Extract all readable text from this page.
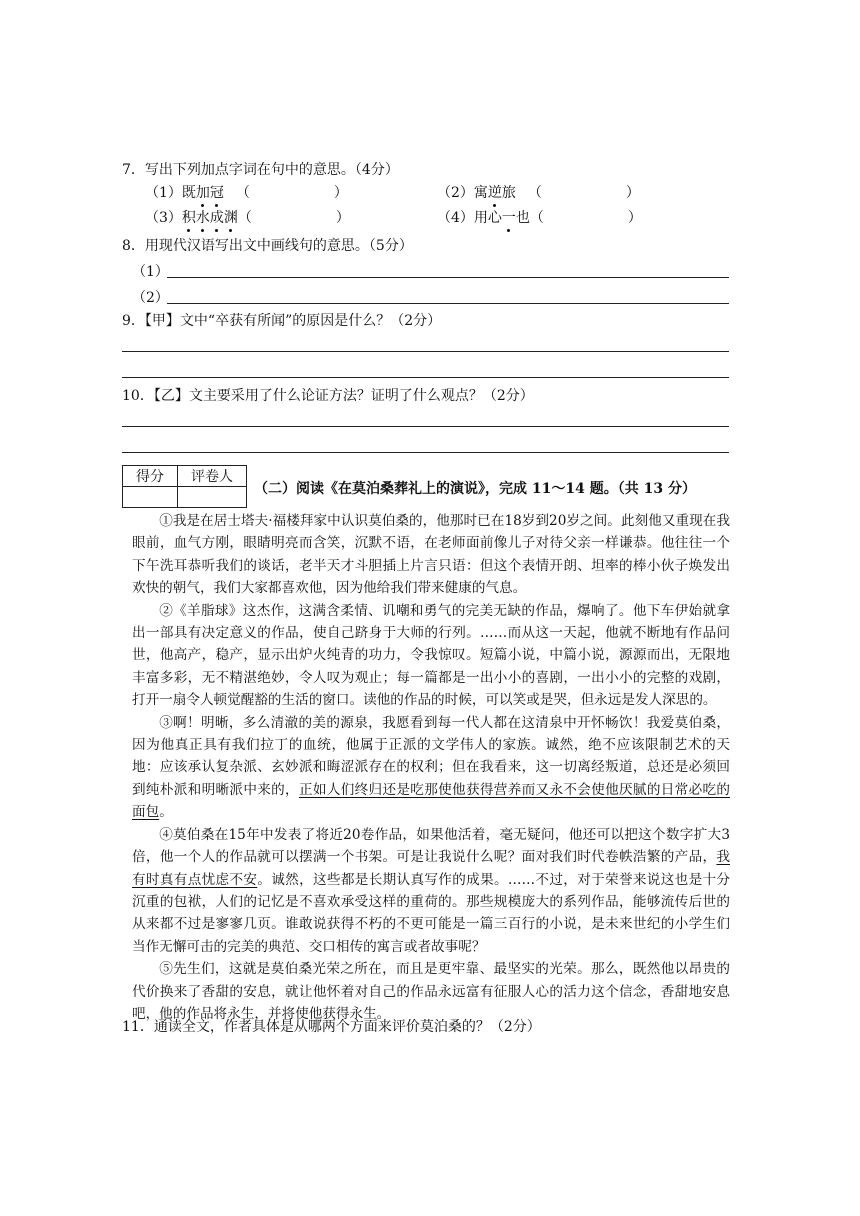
7．写出下列加点字词在句中的意思。（4分）
（1）既加冠 （　　　　　　）	（2）寓逆旅 （　　　　　　）
（3）积水成渊（　　　　　　）	（4）用心一也（　　　　　　）
8．用现代汉语写出文中画线句的意思。（5分）
（1）
（2）
9．【甲】文中“卒获有所闻”的原因是什么？（2分）
10．【乙】文主要采用了什么论证方法？证明了什么观点？（2分）
得分	评卷人

（二）阅读《在莫泊桑葬礼上的演说》，完成 11～14 题。（共 13 分）

①我是在居士塔夫·福楼拜家中认识莫伯桑的，他那时已在18岁到20岁之间。此刻他又重现在我眼前，血气方刚，眼睛明亮而含笑，沉默不语，在老师面前像儿子对待父亲一样谦恭。他往往一个下午洗耳恭听我们的谈话，老半天才斗胆插上片言只语：但这个表情开朗、坦率的棒小伙子焕发出欢快的朝气，我们大家都喜欢他，因为他给我们带来健康的气息。

②《羊脂球》这杰作，这满含柔情、讥嘲和勇气的完美无缺的作品，爆响了。他下车伊始就拿出一部具有决定意义的作品，使自己跻身于大师的行列。……而从这一天起，他就不断地有作品问世，他高产，稳产，显示出炉火纯青的功力，令我惊叹。短篇小说，中篇小说，源源而出，无限地丰富多彩，无不精湛绝妙，令人叹为观止；每一篇都是一出小小的喜剧，一出小小的完整的戏剧，打开一扇令人顿觉醒豁的生活的窗口。读他的作品的时候，可以笑或是哭，但永远是发人深思的。

③啊！明晰，多么清澈的美的源泉，我愿看到每一代人都在这清泉中开怀畅饮！我爱莫伯桑，因为他真正具有我们拉丁的血统，他属于正派的文学伟人的家族。诚然，绝不应该限制艺术的天地：应该承认复杂派、玄妙派和晦涩派存在的权利；但在我看来，这一切离经叛道，总还是必须回到纯朴派和明晰派中来的，正如人们终归还是吃那使他获得营养而又永不会使他厌腻的日常必吃的面包。

④莫伯桑在15年中发表了将近20卷作品，如果他活着，毫无疑问，他还可以把这个数字扩大3倍，他一个人的作品就可以摆满一个书架。可是让我说什么呢？面对我们时代卷帙浩繁的产品，我有时真有点忧虑不安。诚然，这些都是长期认真写作的成果。……不过，对于荣誉来说这也是十分沉重的包袱，人们的记忆是不喜欢承受这样的重荷的。那些规模庞大的系列作品，能够流传后世的从来都不过是寥寥几页。谁敢说获得不朽的不更可能是一篇三百行的小说，是未来世纪的小学生们当作无懈可击的完美的典范、交口相传的寓言或者故事呢？

⑤先生们，这就是莫伯桑光荣之所在，而且是更牢靠、最坚实的光荣。那么，既然他以昂贵的代价换来了香甜的安息，就让他怀着对自己的作品永远富有征服人心的活力这个信念，香甜地安息吧，他的作品将永生，并将使他获得永生。

11．通读全文，作者具体是从哪两个方面来评价莫泊桑的？（2分）
